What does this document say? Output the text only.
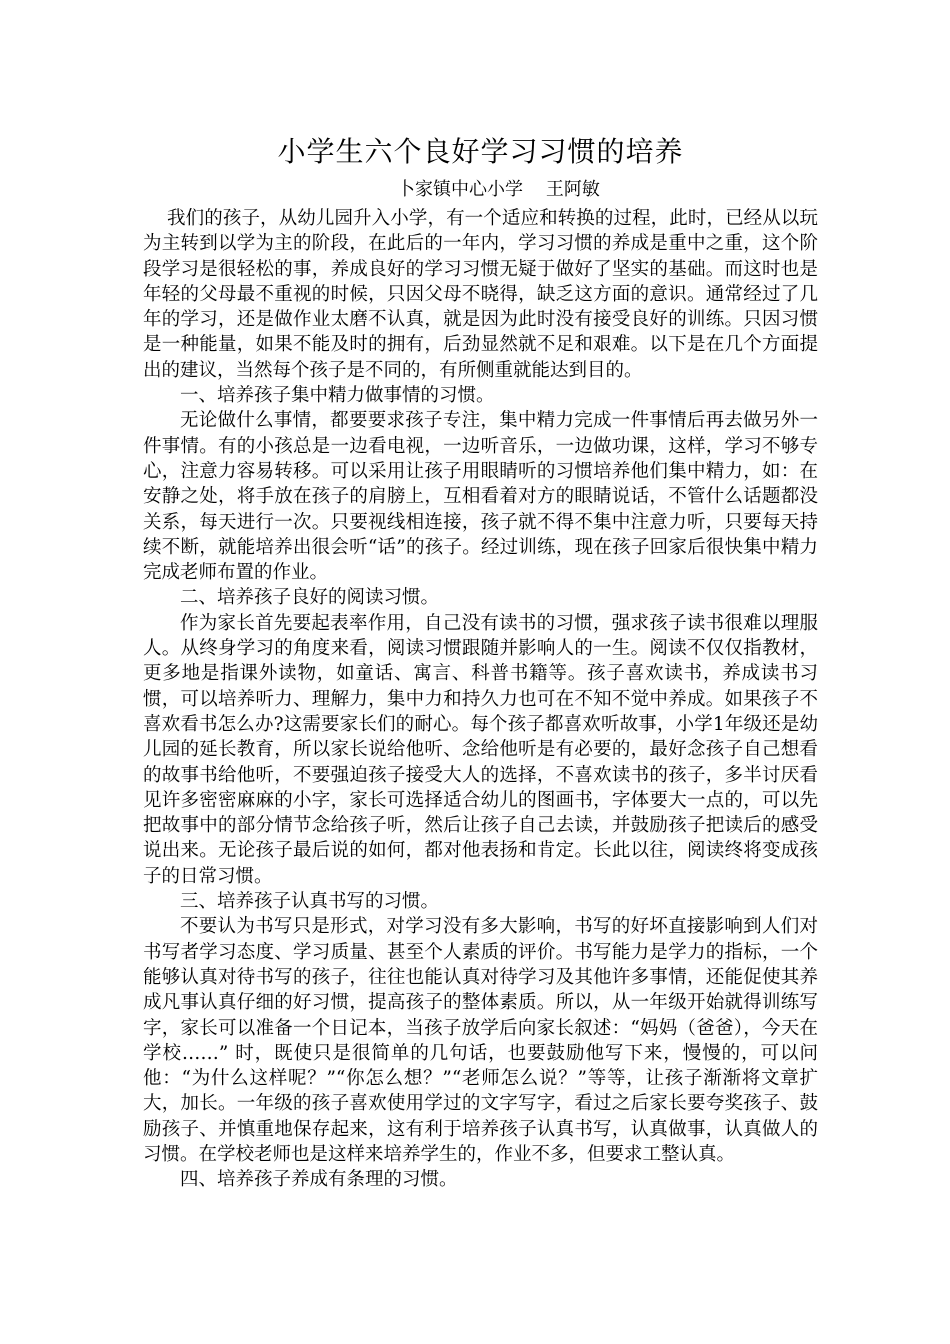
小学生六个良好学习习惯的培养
卜家镇中心小学    王阿敏

我们的孩子，从幼儿园升入小学，有一个适应和转换的过程，此时，已经从以玩为主转到以学为主的阶段，在此后的一年内，学习习惯的养成是重中之重，这个阶段学习是很轻松的事，养成良好的学习习惯无疑于做好了坚实的基础。而这时也是年轻的父母最不重视的时候，只因父母不晓得，缺乏这方面的意识。通常经过了几年的学习，还是做作业太磨不认真，就是因为此时没有接受良好的训练。只因习惯是一种能量，如果不能及时的拥有，后劲显然就不足和艰难。以下是在几个方面提出的建议，当然每个孩子是不同的，有所侧重就能达到目的。

一、培养孩子集中精力做事情的习惯。

无论做什么事情，都要要求孩子专注，集中精力完成一件事情后再去做另外一件事情。有的小孩总是一边看电视，一边听音乐，一边做功课，这样，学习不够专心，注意力容易转移。可以采用让孩子用眼睛听的习惯培养他们集中精力，如：在安静之处，将手放在孩子的肩膀上，互相看着对方的眼睛说话，不管什么话题都没关系，每天进行一次。只要视线相连接，孩子就不得不集中注意力听，只要每天持续不断，就能培养出很会听“话”的孩子。经过训练，现在孩子回家后很快集中精力完成老师布置的作业。

二、培养孩子良好的阅读习惯。

作为家长首先要起表率作用，自己没有读书的习惯，强求孩子读书很难以理服人。从终身学习的角度来看，阅读习惯跟随并影响人的一生。阅读不仅仅指教材，更多地是指课外读物，如童话、寓言、科普书籍等。孩子喜欢读书，养成读书习惯，可以培养听力、理解力，集中力和持久力也可在不知不觉中养成。如果孩子不喜欢看书怎么办?这需要家长们的耐心。每个孩子都喜欢听故事，小学1年级还是幼儿园的延长教育，所以家长说给他听、念给他听是有必要的，最好念孩子自己想看的故事书给他听，不要强迫孩子接受大人的选择，不喜欢读书的孩子，多半讨厌看见许多密密麻麻的小字，家长可选择适合幼儿的图画书，字体要大一点的，可以先把故事中的部分情节念给孩子听，然后让孩子自己去读，并鼓励孩子把读后的感受说出来。无论孩子最后说的如何，都对他表扬和肯定。长此以往，阅读终将变成孩子的日常习惯。

三、培养孩子认真书写的习惯。

不要认为书写只是形式，对学习没有多大影响，书写的好坏直接影响到人们对书写者学习态度、学习质量、甚至个人素质的评价。书写能力是学力的指标，一个能够认真对待书写的孩子，往往也能认真对待学习及其他许多事情，还能促使其养成凡事认真仔细的好习惯，提高孩子的整体素质。所以，从一年级开始就得训练写字，家长可以准备一个日记本，当孩子放学后向家长叙述：“妈妈（爸爸），今天在学校……” 时，既使只是很简单的几句话，也要鼓励他写下来，慢慢的，可以问他：“为什么这样呢？”“你怎么想？”“老师怎么说？”等等，让孩子渐渐将文章扩大，加长。一年级的孩子喜欢使用学过的文字写字，看过之后家长要夸奖孩子、鼓励孩子、并慎重地保存起来，这有利于培养孩子认真书写，认真做事，认真做人的习惯。在学校老师也是这样来培养学生的，作业不多，但要求工整认真。

四、培养孩子养成有条理的习惯。
